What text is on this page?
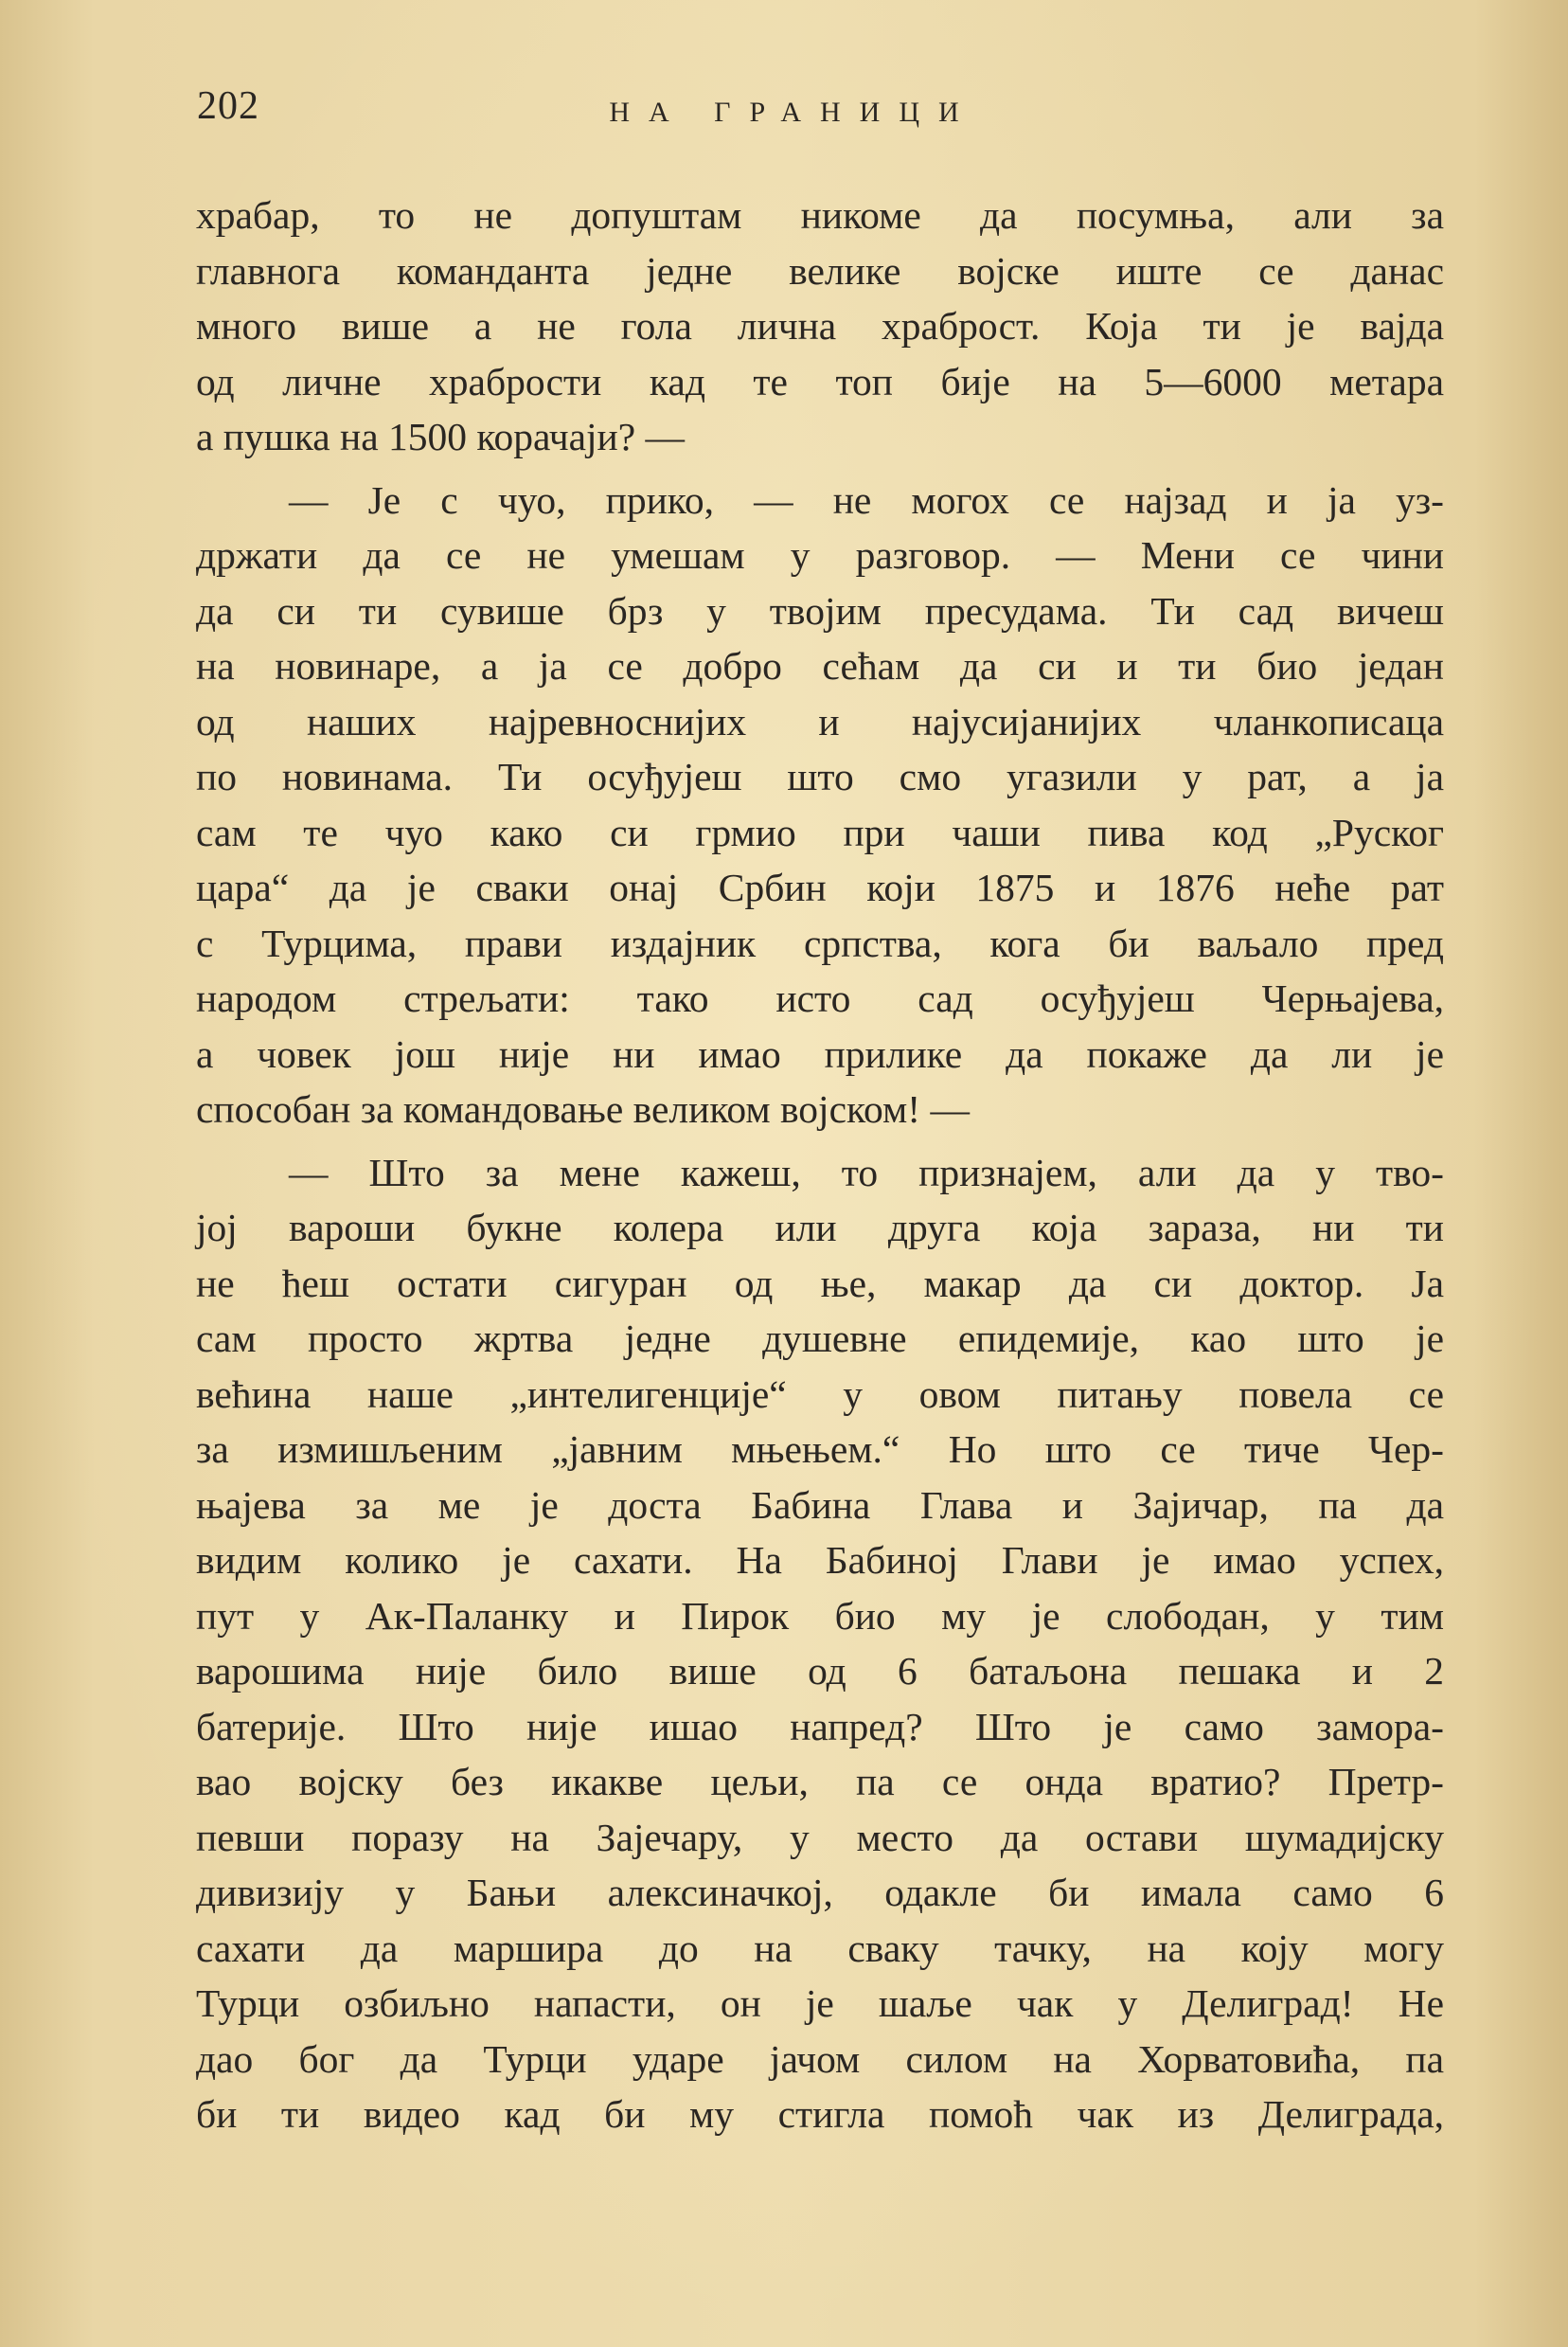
202	НА ГРАНИЦИ
храбар, то не допуштам никоме да посумња, али за
главнога команданта једне велике војске иште се данас
много више а не гола лична храброст. Која ти је вајда
од личне храбрости кад те топ бије на 5—6000 метара
а пушка на 1500 корачаји? —
— Је с чуо, прико, — не могох се најзад и ја уз-
држати да се не умешам у разговор. — Мени се чини
да си ти сувише брз у твојим пресудама. Ти сад вичеш
на новинаре, а ја се добро сећам да си и ти био један
од наших најревноснијих и најусијанијих чланкописаца
по новинама. Ти осуђујеш што смо угазили у рат, а ја
сам те чуо како си грмио при чаши пива код „Руског
цара“ да је сваки онај Србин који 1875 и 1876 неће рат
с Турцима, прави издајник српства, кога би ваљало пред
народом стрељати: тако исто сад осуђујеш Черњајева,
а човек још није ни имао прилике да покаже да ли је
способан за командовање великом војском! —
— Што за мене кажеш, то признајем, али да у тво-
јој вароши букне колера или друга која зараза, ни ти
не ћеш остати сигуран од ње, макар да си доктор. Ја
сам просто жртва једне душевне епидемије, као што је
већина наше „интелигенције“ у овом питању повела се
за измишљеним „јавним мњењем.“ Но што се тиче Чер-
њајева за ме је доста Бабина Глава и Зајичар, па да
видим колико је сахати. На Бабиној Глави је имао успех,
пут у Ак-Паланку и Пирок био му је слободан, у тим
варошима није било више од 6 батаљона пешака и 2
батерије. Што није ишао напред? Што је само замора-
вао војску без икакве цељи, па се онда вратио? Претр-
певши поразу на Зајечару, у место да остави шумадијску
дивизију у Бањи алексиначкој, одакле би имала само 6
сахати да маршира до на сваку тачку, на коју могу
Турци озбиљно напасти, он је шаље чак у Делиград! Не
дао бог да Турци ударе јачом силом на Хорватовића, па
би ти видео кад би му стигла помоћ чак из Делиграда,
